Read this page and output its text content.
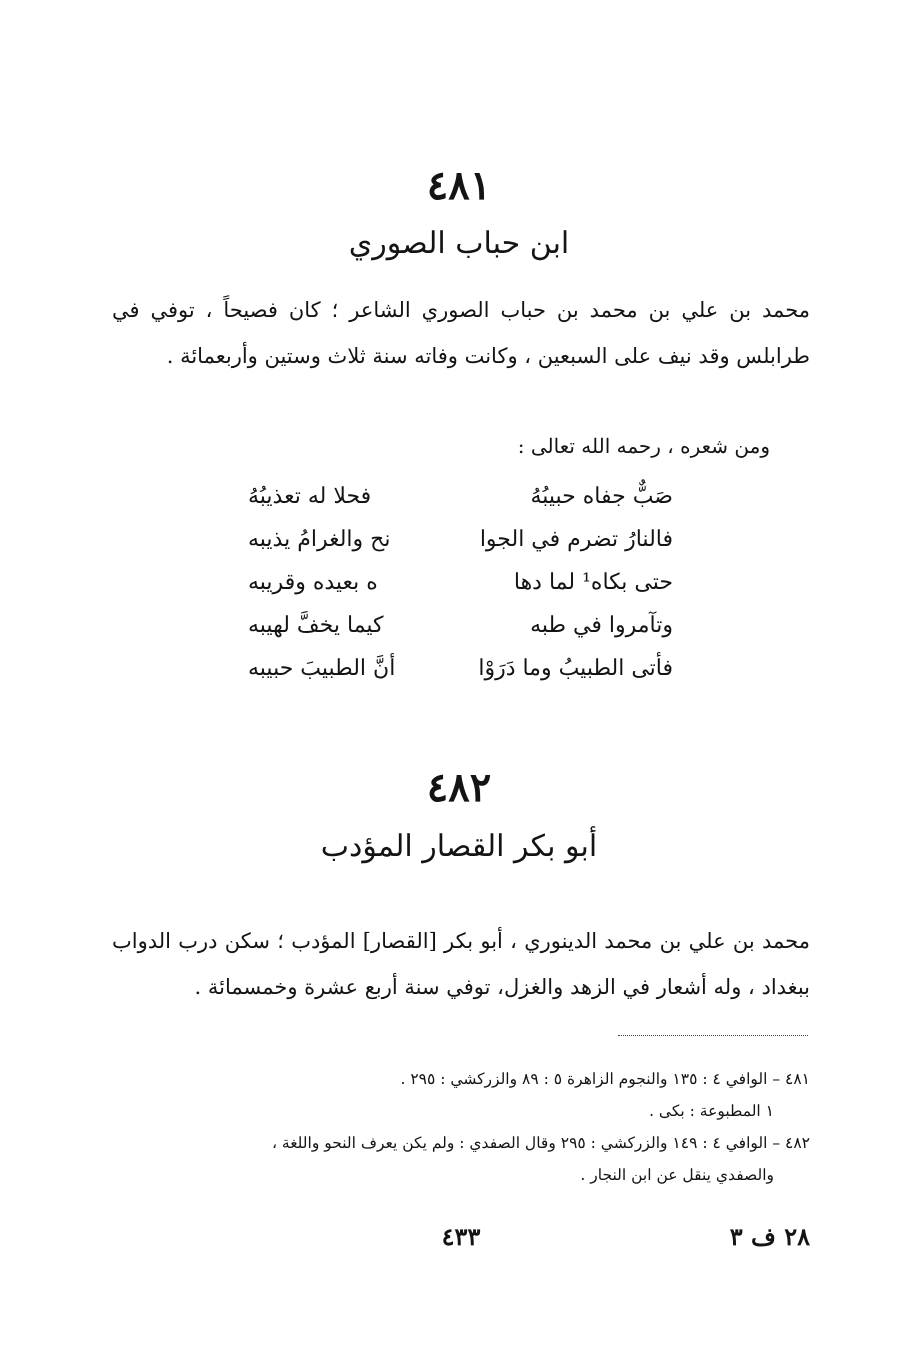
٤٨١
ابن حباب الصوري

محمد بن علي بن محمد بن حباب الصوري الشاعر ؛ كان فصيحاً ، توفي في طرابلس وقد نيف على السبعين ، وكانت وفاته سنة ثلاث وستين وأربعمائة .

ومن شعره ، رحمه الله تعالى :
صَبٌّ جفاه حبيبُهُ
فحلا له تعذيبُهُ
فالنارُ تضرم في الجوا
نح والغرامُ يذيبه
حتى بكاه¹ لما دها
ه بعيده وقريبه
وتآمروا في طبه
كيما يخفَّ لهيبه
فأتى الطبيبُ وما دَرَوْا
أنَّ الطبيبَ حبيبه
٤٨٢
أبو بكر القصار المؤدب

محمد بن علي بن محمد الدينوري ، أبو بكر [القصار] المؤدب ؛ سكن درب الدواب ببغداد ، وله أشعار في الزهد والغزل، توفي سنة أربع عشرة وخمسمائة .

٤٨١ – الوافي ٤ : ١٣٥ والنجوم الزاهرة ٥ : ٨٩ والزركشي : ٢٩٥ .
١ المطبوعة : بكى .
٤٨٢ – الوافي ٤ : ١٤٩ والزركشي : ٢٩٥ وقال الصفدي : ولم يكن يعرف النحو واللغة ،
والصفدي ينقل عن ابن النجار .
٢٨ ف ٣
٤٣٣
